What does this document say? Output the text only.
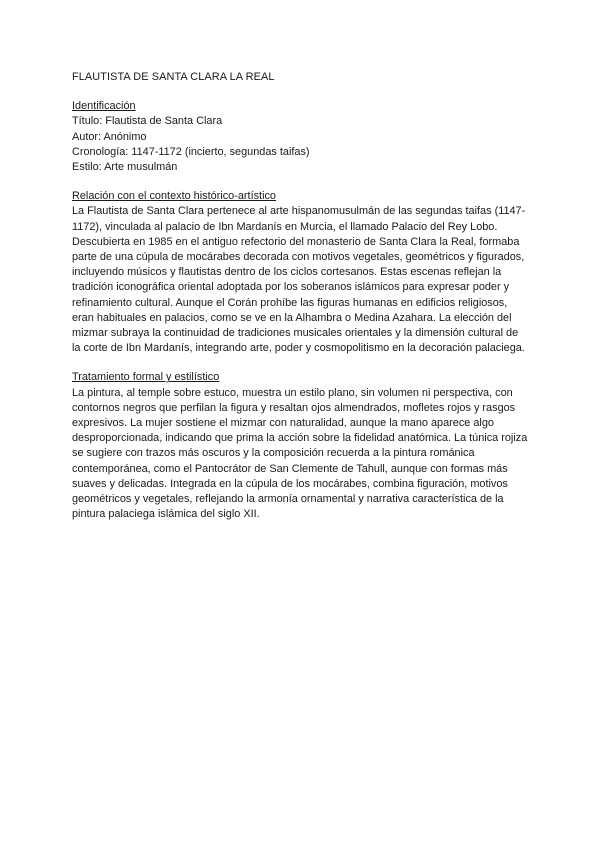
FLAUTISTA DE SANTA CLARA LA REAL

Identificación

Título: Flautista de Santa Clara

Autor: Anónimo

Cronología: 1147-1172 (incierto, segundas taifas)

Estilo: Arte musulmán

Relación con el contexto histórico-artístico

La Flautista de Santa Clara pertenece al arte hispanomusulmán de las segundas taifas (1147-1172), vinculada al palacio de Ibn Mardanís en Murcia, el llamado Palacio del Rey Lobo. Descubierta en 1985 en el antiguo refectorio del monasterio de Santa Clara la Real, formaba parte de una cúpula de mocárabes decorada con motivos vegetales, geométricos y figurados, incluyendo músicos y flautistas dentro de los ciclos cortesanos. Estas escenas reflejan la tradición iconográfica oriental adoptada por los soberanos islámicos para expresar poder y refinamiento cultural. Aunque el Corán prohíbe las figuras humanas en edificios religiosos, eran habituales en palacios, como se ve en la Alhambra o Medina Azahara. La elección del mizmar subraya la continuidad de tradiciones musicales orientales y la dimensión cultural de la corte de Ibn Mardanís, integrando arte, poder y cosmopolitismo en la decoración palaciega.

Tratamiento formal y estilístico

La pintura, al temple sobre estuco, muestra un estilo plano, sin volumen ni perspectiva, con contornos negros que perfilan la figura y resaltan ojos almendrados, mofletes rojos y rasgos expresivos. La mujer sostiene el mizmar con naturalidad, aunque la mano aparece algo desproporcionada, indicando que prima la acción sobre la fidelidad anatómica. La túnica rojiza se sugiere con trazos más oscuros y la composición recuerda a la pintura románica contemporánea, como el Pantocrátor de San Clemente de Tahull, aunque con formas más suaves y delicadas. Integrada en la cúpula de los mocárabes, combina figuración, motivos geométricos y vegetales, reflejando la armonía ornamental y narrativa característica de la pintura palaciega islámica del siglo XII.
